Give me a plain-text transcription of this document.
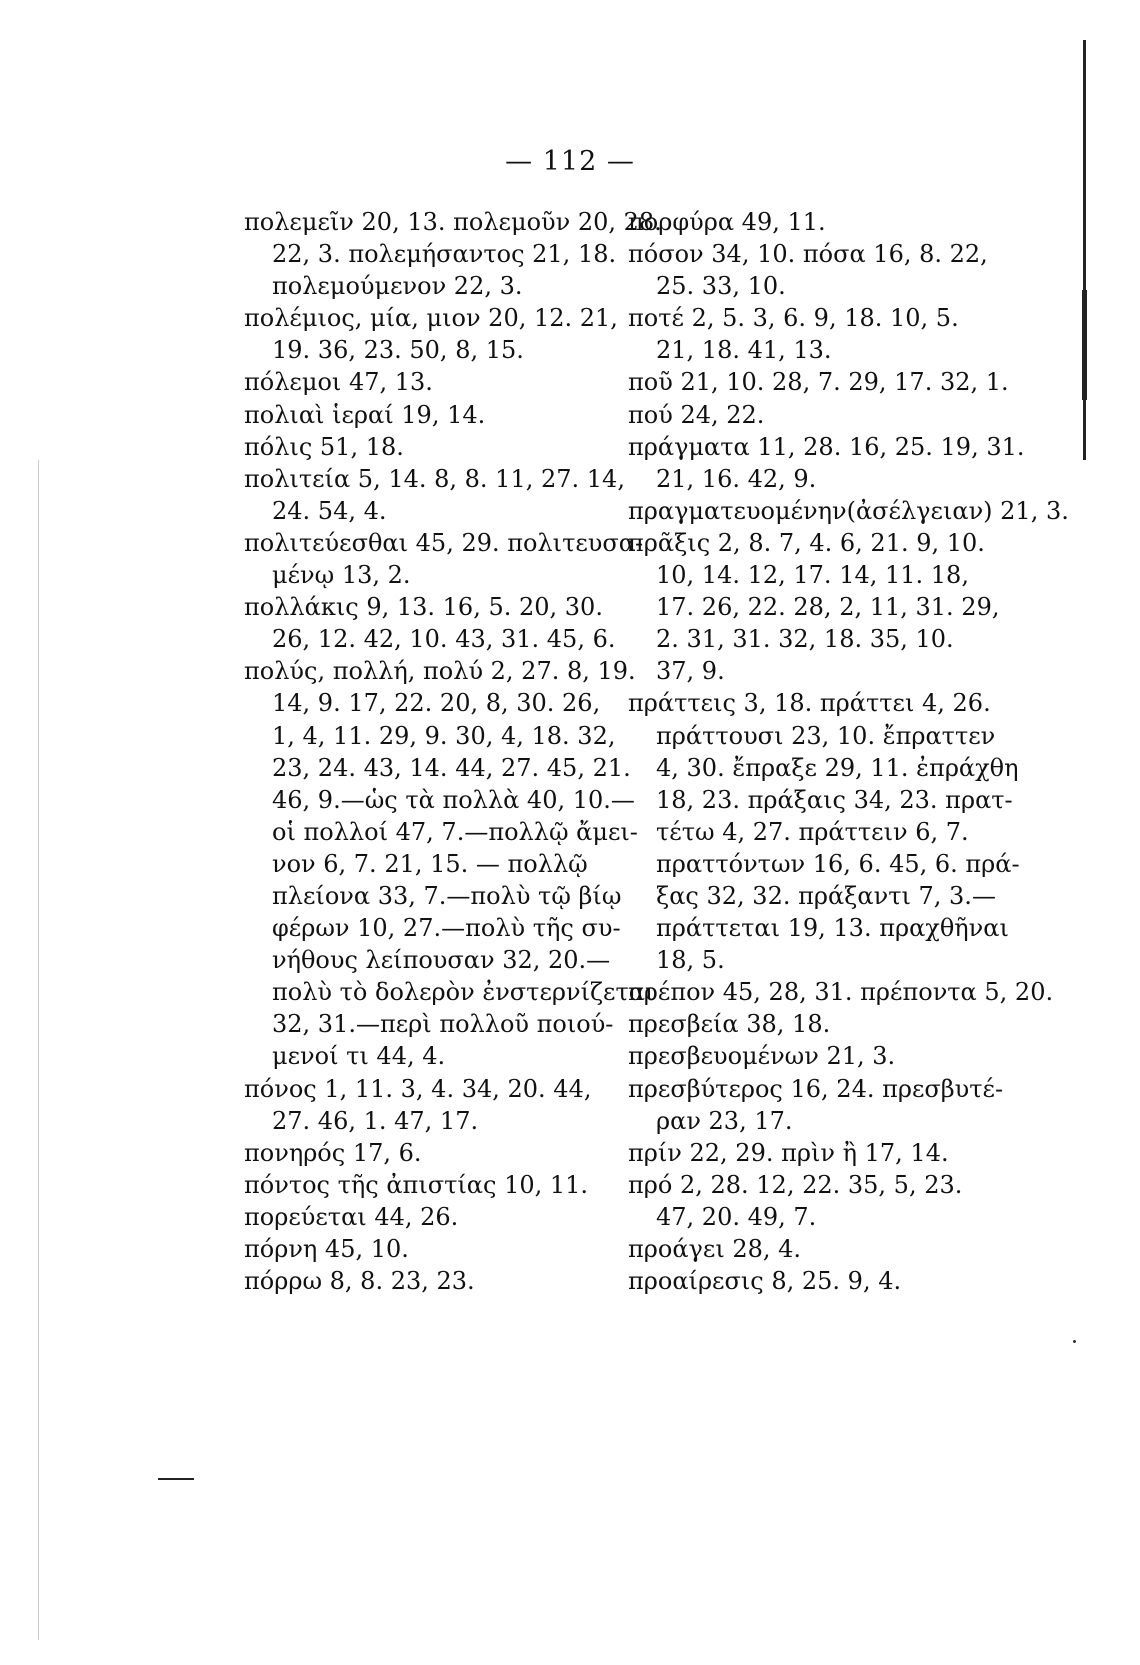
— 112 —
πολεμεῖν 20, 13. πολεμοῦν 20, 28.
22, 3. πολεμήσαντος 21, 18.
πολεμούμενον 22, 3.
πολέμιος, μία, μιον 20, 12. 21,
19. 36, 23. 50, 8, 15.
πόλεμοι 47, 13.
πολιαὶ ἱεραί 19, 14.
πόλις 51, 18.
πολιτεία 5, 14. 8, 8. 11, 27. 14,
24. 54, 4.
πολιτεύεσθαι 45, 29. πολιτευσα-
μένῳ 13, 2.
πολλάκις 9, 13. 16, 5. 20, 30.
26, 12. 42, 10. 43, 31. 45, 6.
πολύς, πολλή, πολύ 2, 27. 8, 19.
14, 9. 17, 22. 20, 8, 30. 26,
1, 4, 11. 29, 9. 30, 4, 18. 32,
23, 24. 43, 14. 44, 27. 45, 21.
46, 9.—ὡς τὰ πολλὰ 40, 10.—
οἱ πολλοί 47, 7.—πολλῷ ἄμει-
νον 6, 7. 21, 15. — πολλῷ
πλείονα 33, 7.—πολὺ τῷ βίῳ
φέρων 10, 27.—πολὺ τῆς συ-
νήθους λείπουσαν 32, 20.—
πολὺ τὸ δολερὸν ἐνστερνίζεται
32, 31.—περὶ πολλοῦ ποιού-
μενοί τι 44, 4.
πόνος 1, 11. 3, 4. 34, 20. 44,
27. 46, 1. 47, 17.
πονηρός 17, 6.
πόντος τῆς ἀπιστίας 10, 11.
πορεύεται 44, 26.
πόρνη 45, 10.
πόρρω 8, 8. 23, 23.
πορφύρα 49, 11.
πόσον 34, 10. πόσα 16, 8. 22,
25. 33, 10.
ποτέ 2, 5. 3, 6. 9, 18. 10, 5.
21, 18. 41, 13.
ποῦ 21, 10. 28, 7. 29, 17. 32, 1.
πού 24, 22.
πράγματα 11, 28. 16, 25. 19, 31.
21, 16. 42, 9.
πραγματευομένην(ἀσέλγειαν) 21, 3.
πρᾶξις 2, 8. 7, 4. 6, 21. 9, 10.
10, 14. 12, 17. 14, 11. 18,
17. 26, 22. 28, 2, 11, 31. 29,
2. 31, 31. 32, 18. 35, 10.
37, 9.
πράττεις 3, 18. πράττει 4, 26.
πράττουσι 23, 10. ἔπραττεν
4, 30. ἔπραξε 29, 11. ἐπράχθη
18, 23. πράξαις 34, 23. πρατ-
τέτω 4, 27. πράττειν 6, 7.
πραττόντων 16, 6. 45, 6. πρά-
ξας 32, 32. πράξαντι 7, 3.—
πράττεται 19, 13. πραχθῆναι
18, 5.
πρέπον 45, 28, 31. πρέποντα 5, 20.
πρεσβεία 38, 18.
πρεσβευομένων 21, 3.
πρεσβύτερος 16, 24. πρεσβυτέ-
ραν 23, 17.
πρίν 22, 29. πρὶν ἢ 17, 14.
πρό 2, 28. 12, 22. 35, 5, 23.
47, 20. 49, 7.
προάγει 28, 4.
προαίρεσις 8, 25. 9, 4.
